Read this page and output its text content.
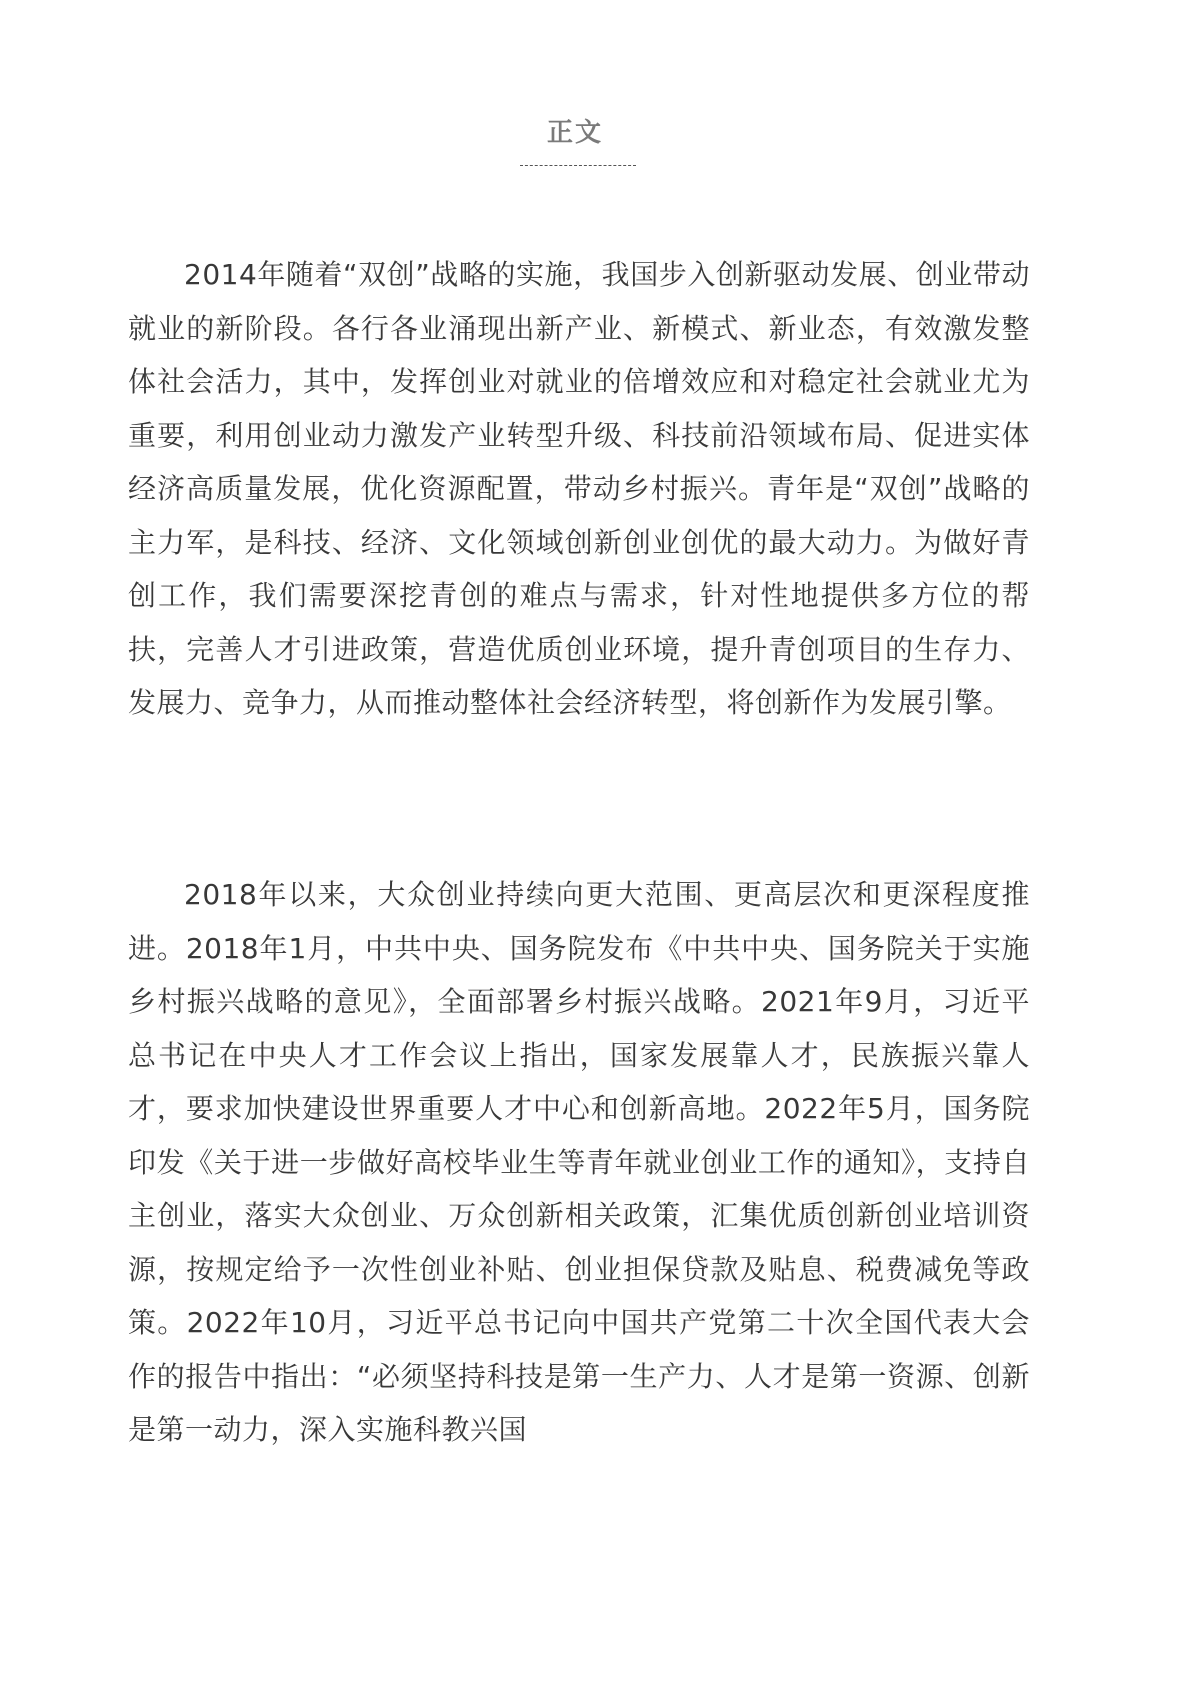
正文

2014年随着“双创”战略的实施，我国步入创新驱动发展、创业带动就业的新阶段。各行各业涌现出新产业、新模式、新业态，有效激发整体社会活力，其中，发挥创业对就业的倍增效应和对稳定社会就业尤为重要，利用创业动力激发产业转型升级、科技前沿领域布局、促进实体经济高质量发展，优化资源配置，带动乡村振兴。青年是“双创”战略的主力军，是科技、经济、文化领域创新创业创优的最大动力。为做好青创工作，我们需要深挖青创的难点与需求，针对性地提供多方位的帮扶，完善人才引进政策，营造优质创业环境，提升青创项目的生存力、发展力、竞争力，从而推动整体社会经济转型，将创新作为发展引擎。

2018年以来，大众创业持续向更大范围、更高层次和更深程度推进。2018年1月，中共中央、国务院发布《中共中央、国务院关于实施乡村振兴战略的意见》，全面部署乡村振兴战略。2021年9月，习近平总书记在中央人才工作会议上指出，国家发展靠人才，民族振兴靠人才，要求加快建设世界重要人才中心和创新高地。2022年5月，国务院印发《关于进一步做好高校毕业生等青年就业创业工作的通知》，支持自主创业，落实大众创业、万众创新相关政策，汇集优质创新创业培训资源，按规定给予一次性创业补贴、创业担保贷款及贴息、税费减免等政策。2022年10月，习近平总书记向中国共产党第二十次全国代表大会作的报告中指出：“必须坚持科技是第一生产力、人才是第一资源、创新是第一动力，深入实施科教兴国
